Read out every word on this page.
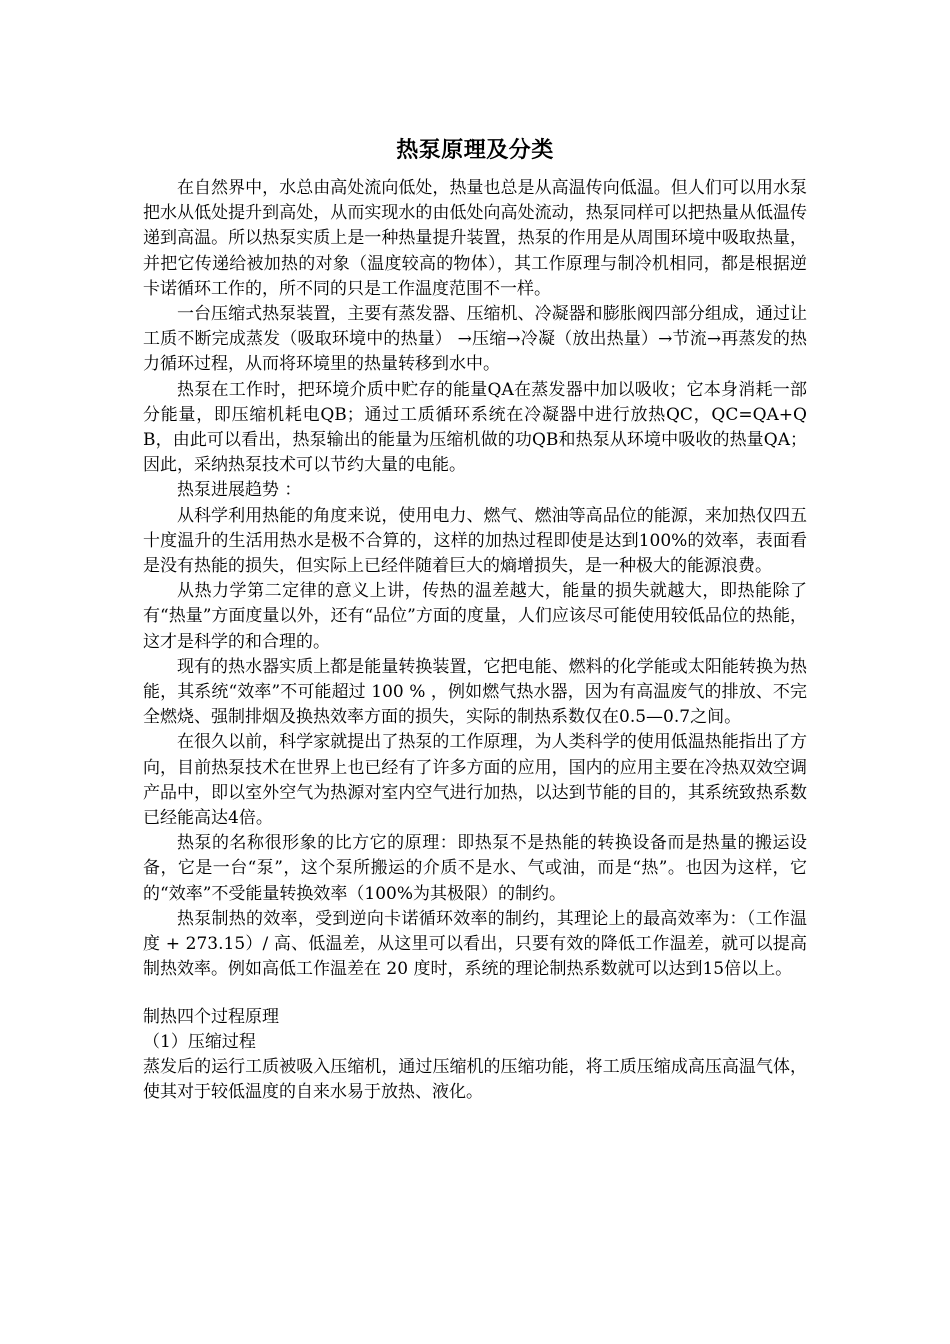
热泵原理及分类

在自然界中，水总由高处流向低处，热量也总是从高温传向低温。但人们可以用水泵把水从低处提升到高处，从而实现水的由低处向高处流动，热泵同样可以把热量从低温传递到高温。所以热泵实质上是一种热量提升装置，热泵的作用是从周围环境中吸取热量，并把它传递给被加热的对象（温度较高的物体），其工作原理与制冷机相同，都是根据逆卡诺循环工作的，所不同的只是工作温度范围不一样。

一台压缩式热泵装置，主要有蒸发器、压缩机、冷凝器和膨胀阀四部分组成，通过让工质不断完成蒸发（吸取环境中的热量） →压缩→冷凝（放出热量）→节流→再蒸发的热力循环过程，从而将环境里的热量转移到水中。

热泵在工作时，把环境介质中贮存的能量QA在蒸发器中加以吸收；它本身消耗一部分能量，即压缩机耗电QB；通过工质循环系统在冷凝器中进行放热QC，QC=QA+QB，由此可以看出，热泵输出的能量为压缩机做的功QB和热泵从环境中吸收的热量QA；因此，采纳热泵技术可以节约大量的电能。

热泵进展趋势 ：

从科学利用热能的角度来说，使用电力、燃气、燃油等高品位的能源，来加热仅四五十度温升的生活用热水是极不合算的，这样的加热过程即使是达到100%的效率，表面看是没有热能的损失，但实际上已经伴随着巨大的熵增损失，是一种极大的能源浪费。

从热力学第二定律的意义上讲，传热的温差越大，能量的损失就越大，即热能除了有“热量”方面度量以外，还有“品位”方面的度量，人们应该尽可能使用较低品位的热能，这才是科学的和合理的。

现有的热水器实质上都是能量转换装置，它把电能、燃料的化学能或太阳能转换为热能，其系统“效率”不可能超过 100 % ，例如燃气热水器，因为有高温废气的排放、不完全燃烧、强制排烟及换热效率方面的损失，实际的制热系数仅在0.5—0.7之间。

在很久以前，科学家就提出了热泵的工作原理，为人类科学的使用低温热能指出了方向，目前热泵技术在世界上也已经有了许多方面的应用，国内的应用主要在冷热双效空调产品中，即以室外空气为热源对室内空气进行加热，以达到节能的目的，其系统致热系数已经能高达4倍。

热泵的名称很形象的比方它的原理：即热泵不是热能的转换设备而是热量的搬运设备，它是一台“泵”，这个泵所搬运的介质不是水、气或油，而是“热”。也因为这样，它的“效率”不受能量转换效率（100%为其极限）的制约。

热泵制热的效率，受到逆向卡诺循环效率的制约，其理论上的最高效率为：（工作温度 + 273.15）/ 高、低温差，从这里可以看出，只要有效的降低工作温差，就可以提高制热效率。例如高低工作温差在 20 度时，系统的理论制热系数就可以达到15倍以上。

制热四个过程原理

（1）压缩过程

蒸发后的运行工质被吸入压缩机，通过压缩机的压缩功能，将工质压缩成高压高温气体，使其对于较低温度的自来水易于放热、液化。
